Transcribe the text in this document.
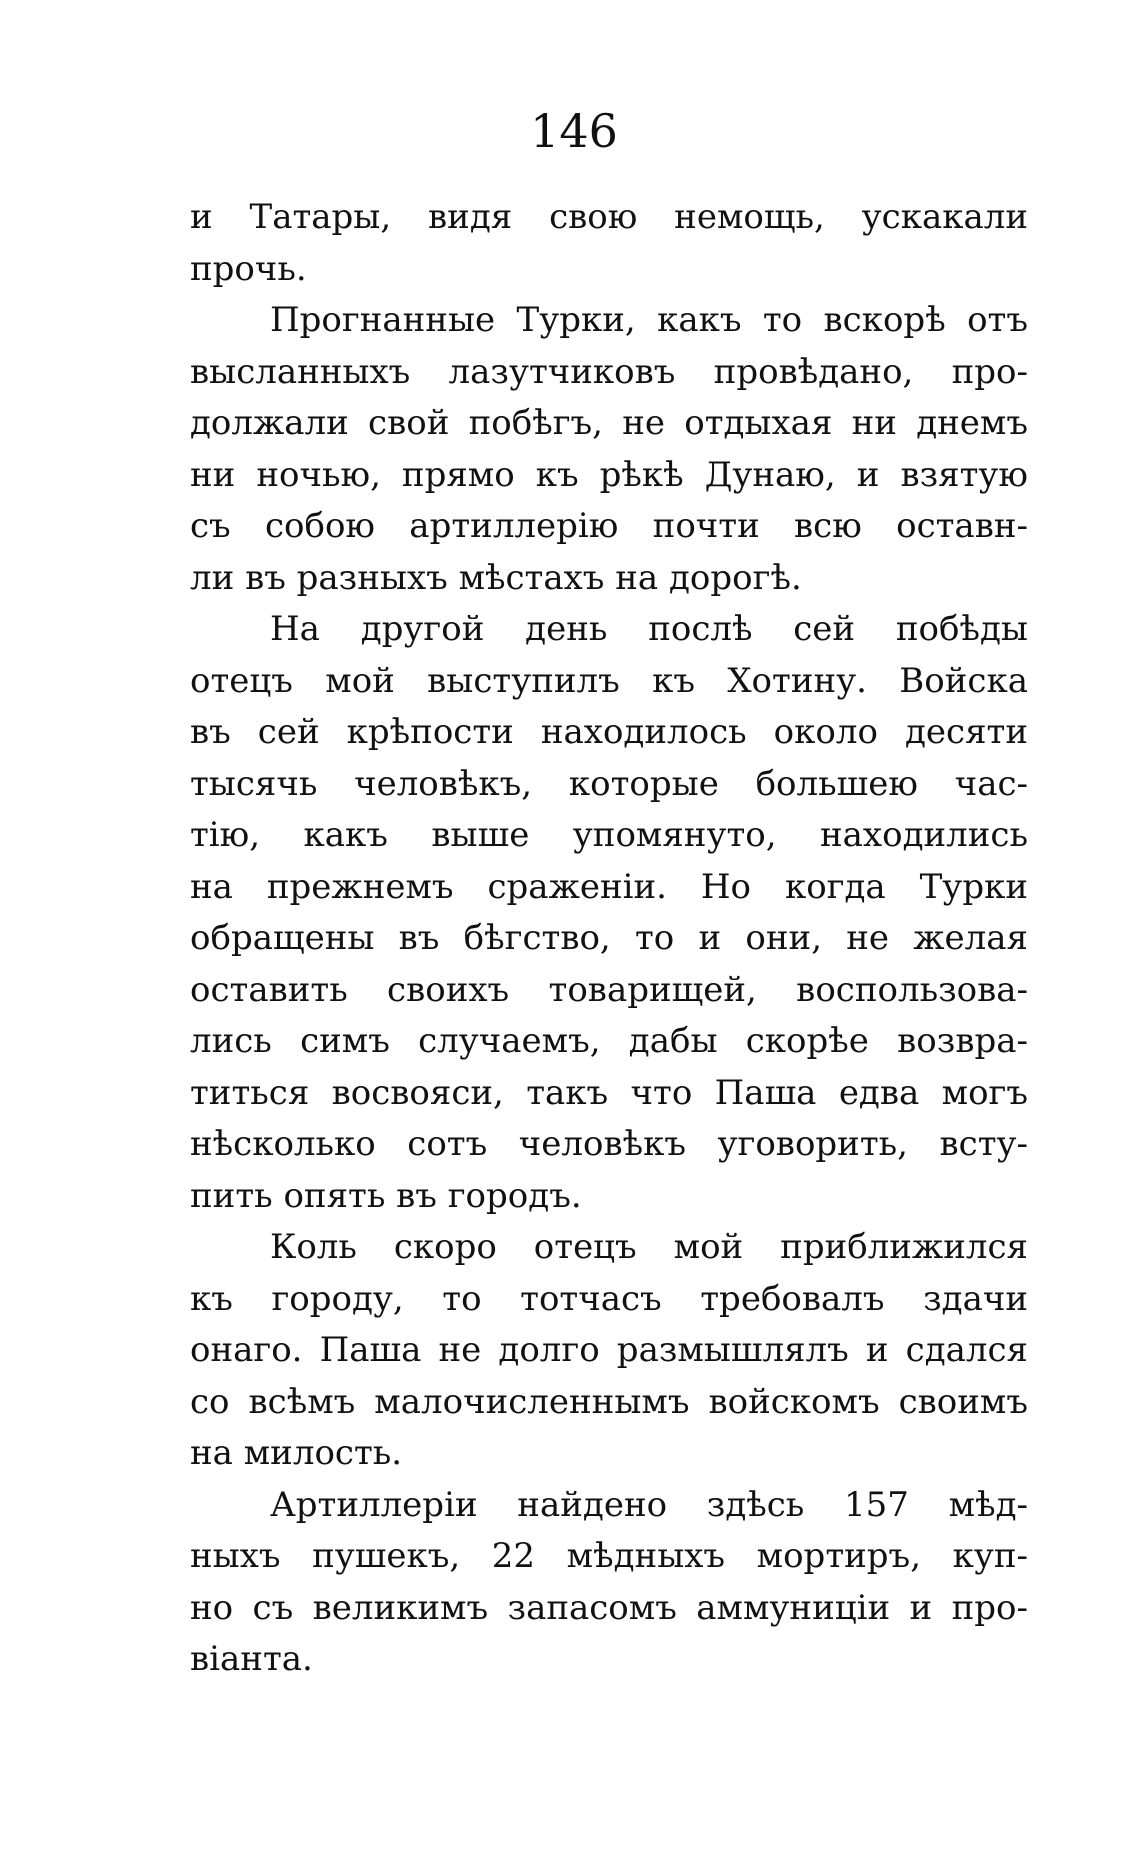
146

и Татары, видя свою немощь, ускакали
прочь.

Прогнанные Турки, какъ то вскорѣ отъ
высланныхъ лазутчиковъ провѣдано, про-
должали свой побѣгъ, не отдыхая ни днемъ
ни ночью, прямо къ рѣкѣ Дунаю, и взятую
съ собою артиллерію почти всю оставн-
ли въ разныхъ мѣстахъ на дорогѣ.

На другой день послѣ сей побѣды
отецъ мой выступилъ къ Хотину. Войска
въ сей крѣпости находилось около десяти
тысячь человѣкъ, которые большею час-
тію, какъ выше упомянуто, находились
на прежнемъ сраженіи. Но когда Турки
обращены въ бѣгство, то и они, не желая
оставить своихъ товарищей, воспользова-
лись симъ случаемъ, дабы скорѣе возвра-
титься восвояси, такъ что Паша едва могъ
нѣсколько сотъ человѣкъ уговорить, всту-
пить опять въ городъ.

Коль скоро отецъ мой приближился
къ городу, то тотчасъ требовалъ здачи
онаго. Паша не долго размышлялъ и сдался
со всѣмъ малочисленнымъ войскомъ своимъ
на милость.

Артиллеріи найдено здѣсь 157 мѣд-
ныхъ пушекъ, 22 мѣдныхъ мортиръ, куп-
но съ великимъ запасомъ аммуниціи и про-
віанта.
